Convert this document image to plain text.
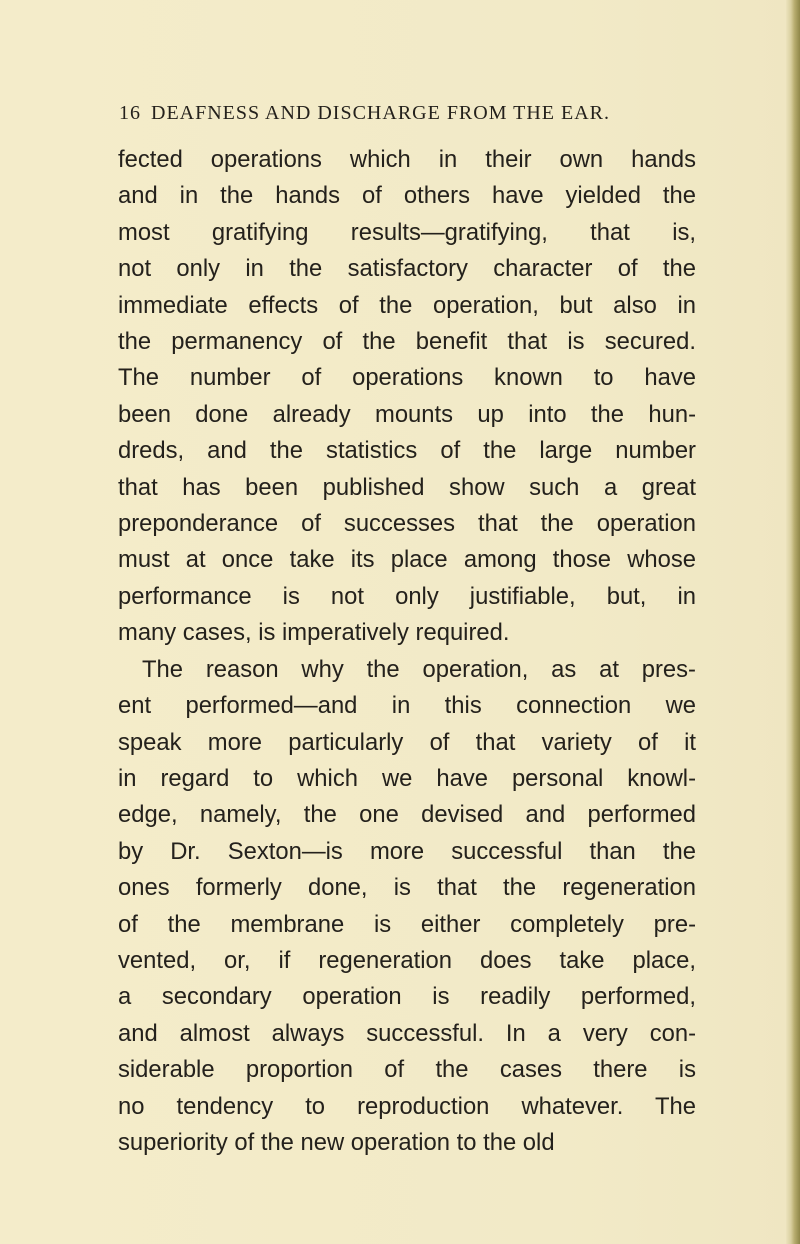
16 DEAFNESS AND DISCHARGE FROM THE EAR.
fected operations which in their own hands
and in the hands of others have yielded the
most gratifying results—gratifying, that is,
not only in the satisfactory character of the
immediate effects of the operation, but also in
the permanency of the benefit that is secured.
The number of operations known to have
been done already mounts up into the hun-
dreds, and the statistics of the large number
that has been published show such a great
preponderance of successes that the operation
must at once take its place among those whose
performance is not only justifiable, but, in
many cases, is imperatively required.
The reason why the operation, as at pres-
ent performed—and in this connection we
speak more particularly of that variety of it
in regard to which we have personal knowl-
edge, namely, the one devised and performed
by Dr. Sexton—is more successful than the
ones formerly done, is that the regeneration
of the membrane is either completely pre-
vented, or, if regeneration does take place,
a secondary operation is readily performed,
and almost always successful. In a very con-
siderable proportion of the cases there is
no tendency to reproduction whatever. The
superiority of the new operation to the old
